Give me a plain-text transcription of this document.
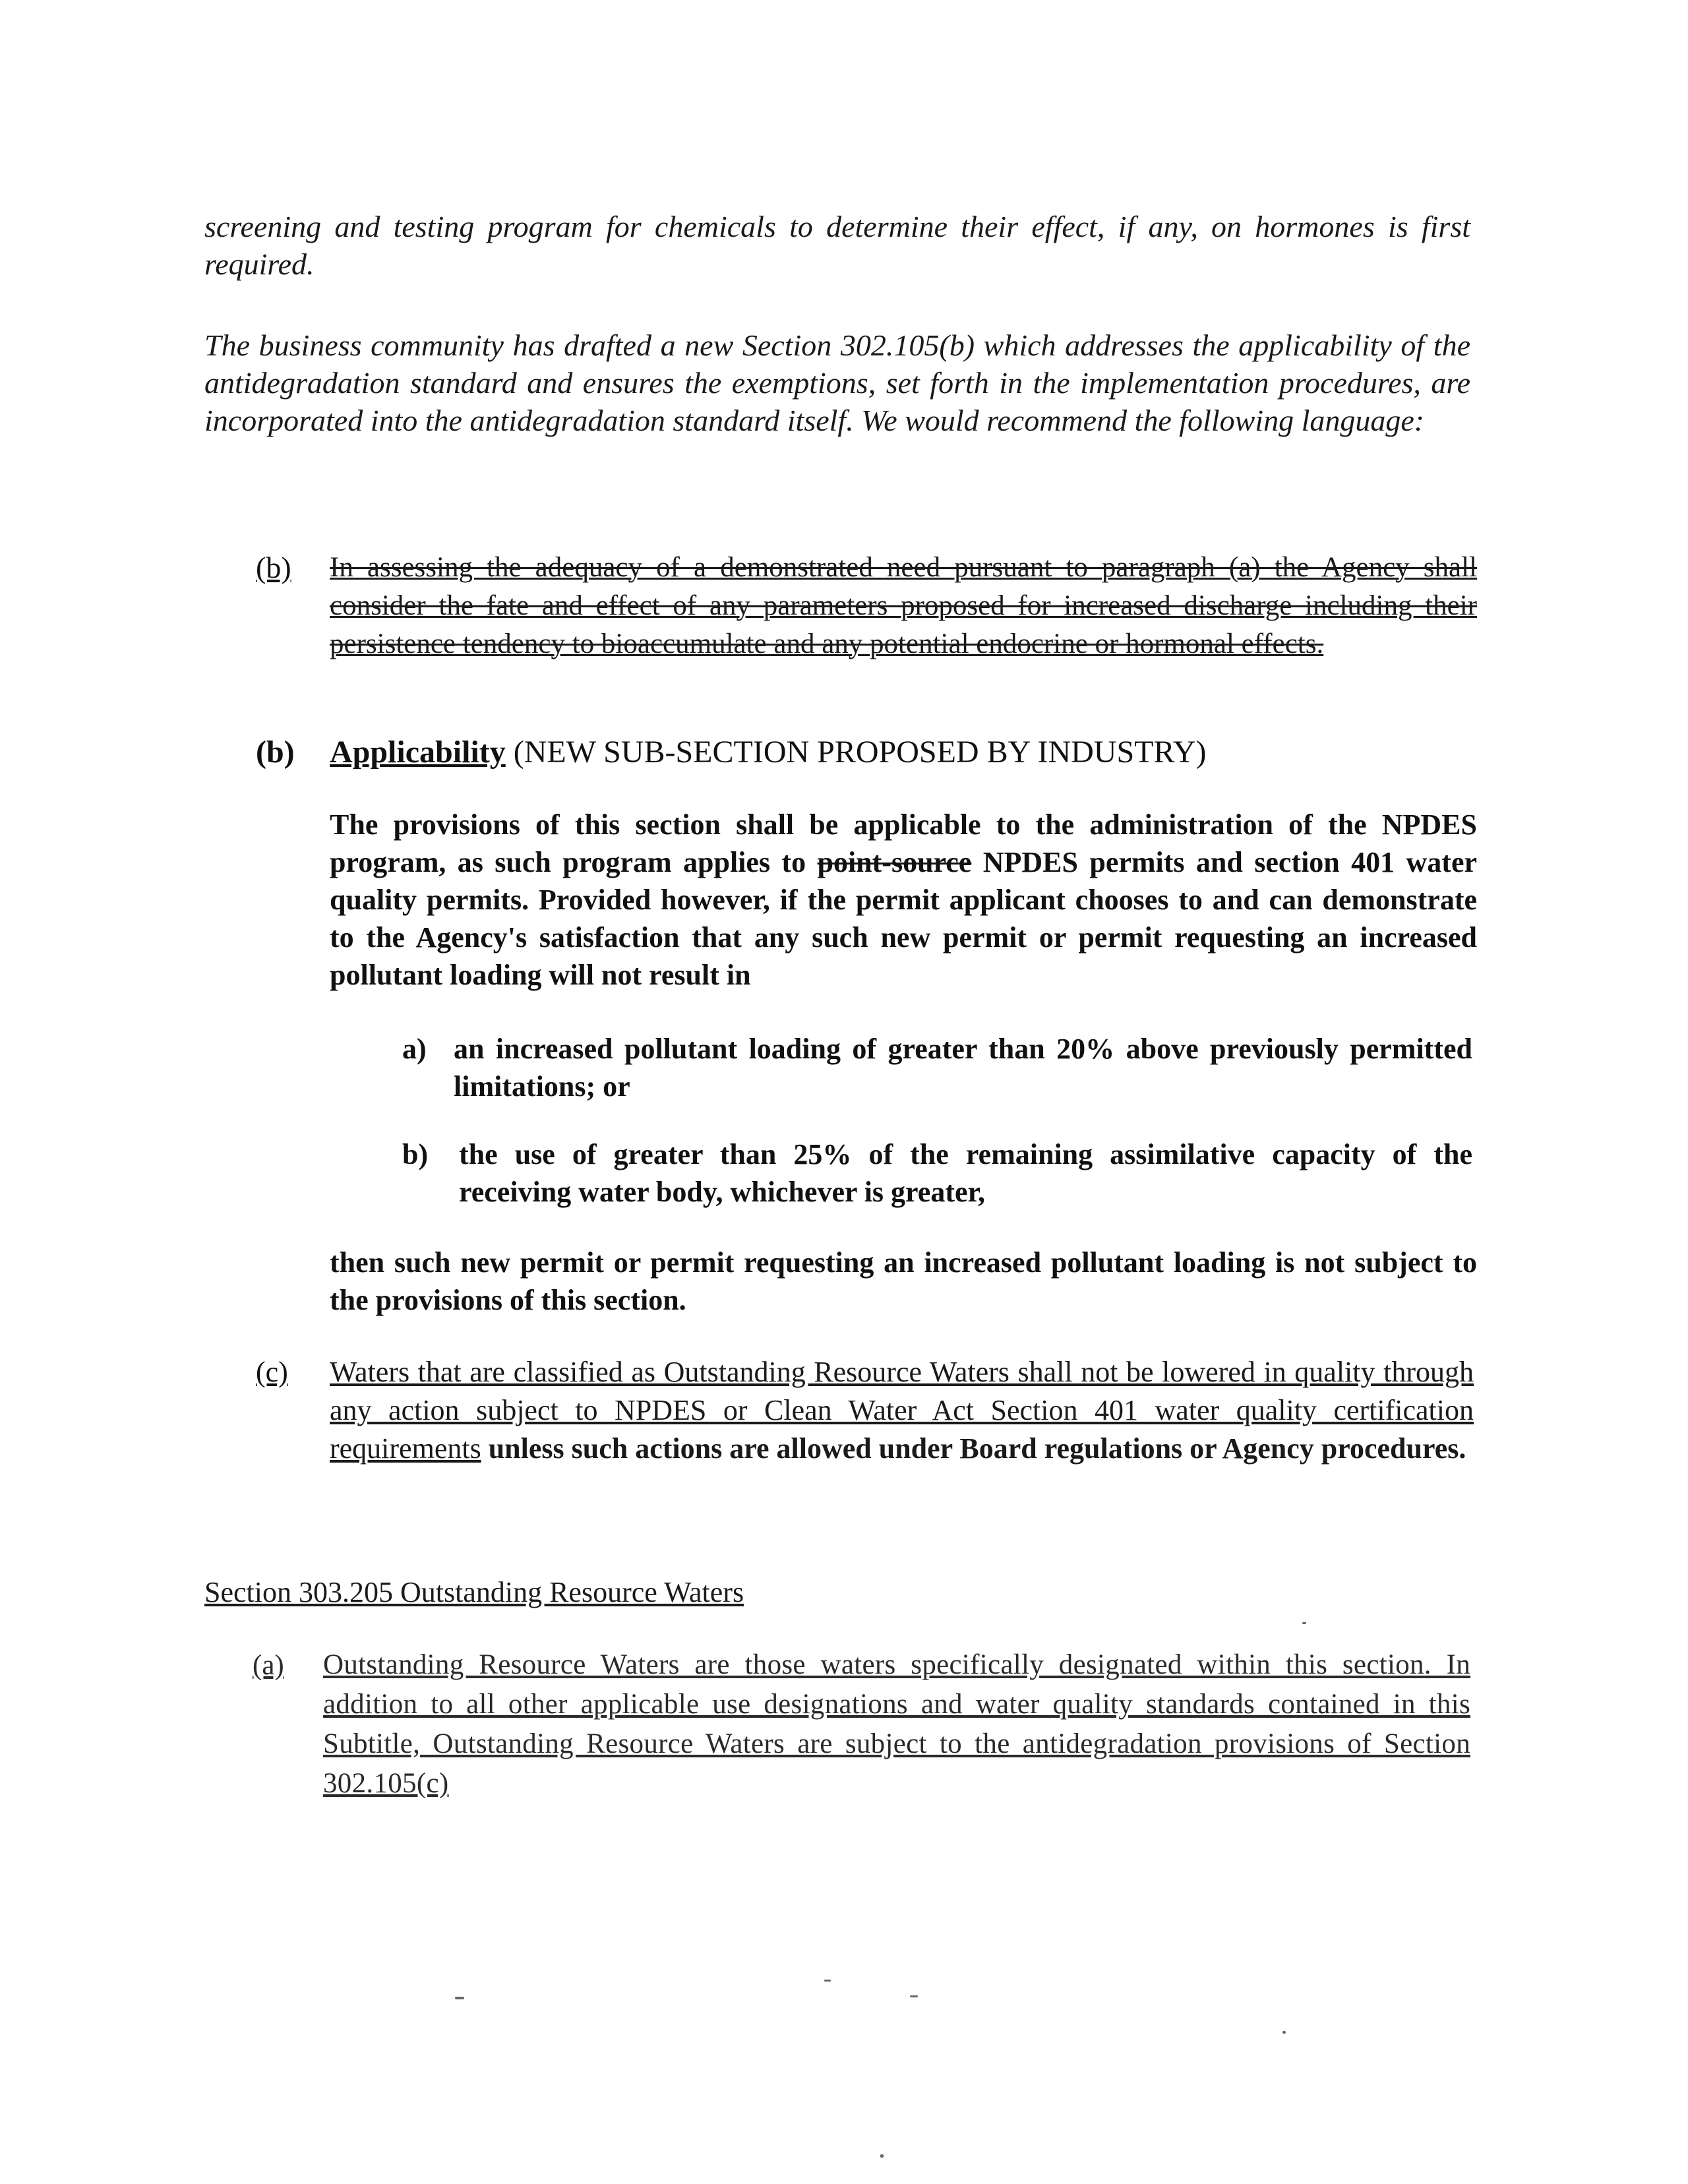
screening and testing program for chemicals to determine their effect, if any, on hormones is first required.
The business community has drafted a new Section 302.105(b) which addresses the applicability of the antidegradation standard and ensures the exemptions, set forth in the implementation procedures, are incorporated into the antidegradation standard itself. We would recommend the following language:
(b) In assessing the adequacy of a demonstrated need pursuant to paragraph (a) the Agency shall consider the fate and effect of any parameters proposed for increased discharge including their persistence tendency to bioaccumulate and any potential endocrine or hormonal effects.
(b) Applicability (NEW SUB-SECTION PROPOSED BY INDUSTRY)
The provisions of this section shall be applicable to the administration of the NPDES program, as such program applies to point-source NPDES permits and section 401 water quality permits. Provided however, if the permit applicant chooses to and can demonstrate to the Agency's satisfaction that any such new permit or permit requesting an increased pollutant loading will not result in
a) an increased pollutant loading of greater than 20% above previously permitted limitations; or
b) the use of greater than 25% of the remaining assimilative capacity of the receiving water body, whichever is greater,
then such new permit or permit requesting an increased pollutant loading is not subject to the provisions of this section.
(c) Waters that are classified as Outstanding Resource Waters shall not be lowered in quality through any action subject to NPDES or Clean Water Act Section 401 water quality certification requirements unless such actions are allowed under Board regulations or Agency procedures.
Section 303.205 Outstanding Resource Waters
(a) Outstanding Resource Waters are those waters specifically designated within this section. In addition to all other applicable use designations and water quality standards contained in this Subtitle, Outstanding Resource Waters are subject to the antidegradation provisions of Section 302.105(c)
